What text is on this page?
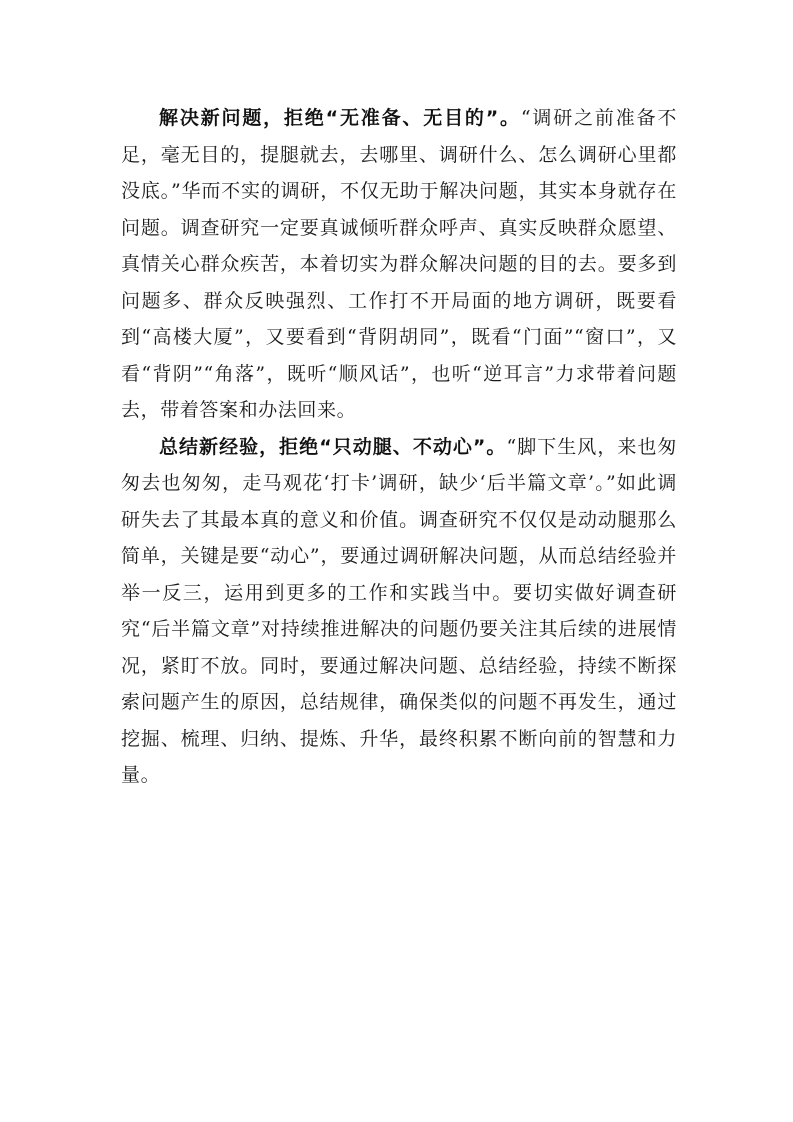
解决新问题，拒绝“无准备、无目的”。“调研之前准备不足，毫无目的，提腿就去，去哪里、调研什么、怎么调研心里都没底。”华而不实的调研，不仅无助于解决问题，其实本身就存在问题。调查研究一定要真诚倾听群众呼声、真实反映群众愿望、真情关心群众疾苦，本着切实为群众解决问题的目的去。要多到问题多、群众反映强烈、工作打不开局面的地方调研，既要看到“高楼大厦”，又要看到“背阴胡同”，既看“门面”“窗口”，又看“背阴”“角落”，既听“顺风话”，也听“逆耳言”力求带着问题去，带着答案和办法回来。

总结新经验，拒绝“只动腿、不动心”。“脚下生风，来也匆匆去也匆匆，走马观花‘打卡’调研，缺少‘后半篇文章’。”如此调研失去了其最本真的意义和价值。调查研究不仅仅是动动腿那么简单，关键是要“动心”，要通过调研解决问题，从而总结经验并举一反三，运用到更多的工作和实践当中。要切实做好调查研究“后半篇文章”对持续推进解决的问题仍要关注其后续的进展情况，紧盯不放。同时，要通过解决问题、总结经验，持续不断探索问题产生的原因，总结规律，确保类似的问题不再发生，通过挖掘、梳理、归纳、提炼、升华，最终积累不断向前的智慧和力量。
